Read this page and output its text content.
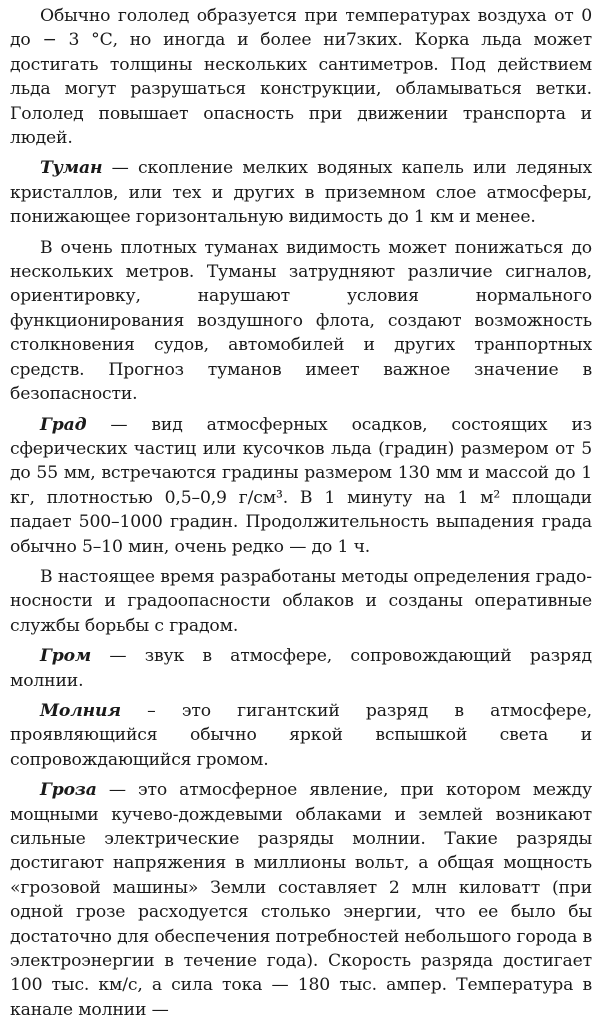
Обычно гололед образуется при температурах воздуха от 0 до − 3 °С, но иногда и более ни7зких. Корка льда может достигать толщины нескольких сантиметров. Под действием льда могут разрушаться конструкции, обламываться ветки. Гололед повышает опасность при движении транспорта и людей.

Туман — скопление мелких водяных капель или ледяных кристаллов, или тех и других в приземном слое атмосферы, понижающее горизонтальную видимость до 1 км и менее.

В очень плотных туманах видимость может понижаться до нескольких метров. Туманы затрудняют различие сигналов, ориентировку, нарушают условия нормального функционирования воздушного флота, создают возможность столкновения судов, автомобилей и других транпортных средств. Прогноз туманов имеет важное значение в безопасности.

Град — вид атмосферных осадков, состоящих из сферических частиц или кусочков льда (градин) размером от 5 до 55 мм, встречаются градины размером 130 мм и массой до 1 кг, плотностью 0,5–0,9 г/см³. В 1 минуту на 1 м² площади падает 500–1000 градин. Продолжительность выпадения града обычно 5–10 мин, очень редко — до 1 ч.

В настоящее время разработаны методы определения градоносности и градоопасности облаков и созданы оперативные службы борьбы с градом.

Гром — звук в атмосфере, сопровождающий разряд молнии.

Молния – это гигантский разряд в атмосфере, проявляющийся обычно яркой вспышкой света и сопровождающийся громом.

Гроза — это атмосферное явление, при котором между мощными кучево-дождевыми облаками и землей возникают сильные электрические разряды молнии. Такие разряды достигают напряжения в миллионы вольт, а общая мощность «грозовой машины» Земли составляет 2 млн киловатт (при одной грозе расходуется столько энергии, что ее было бы достаточно для обеспечения потребностей небольшого города в электроэнергии в течение года). Скорость разряда достигает 100 тыс. км/с, а сила тока — 180 тыс. ампер. Температура в канале молнии —
